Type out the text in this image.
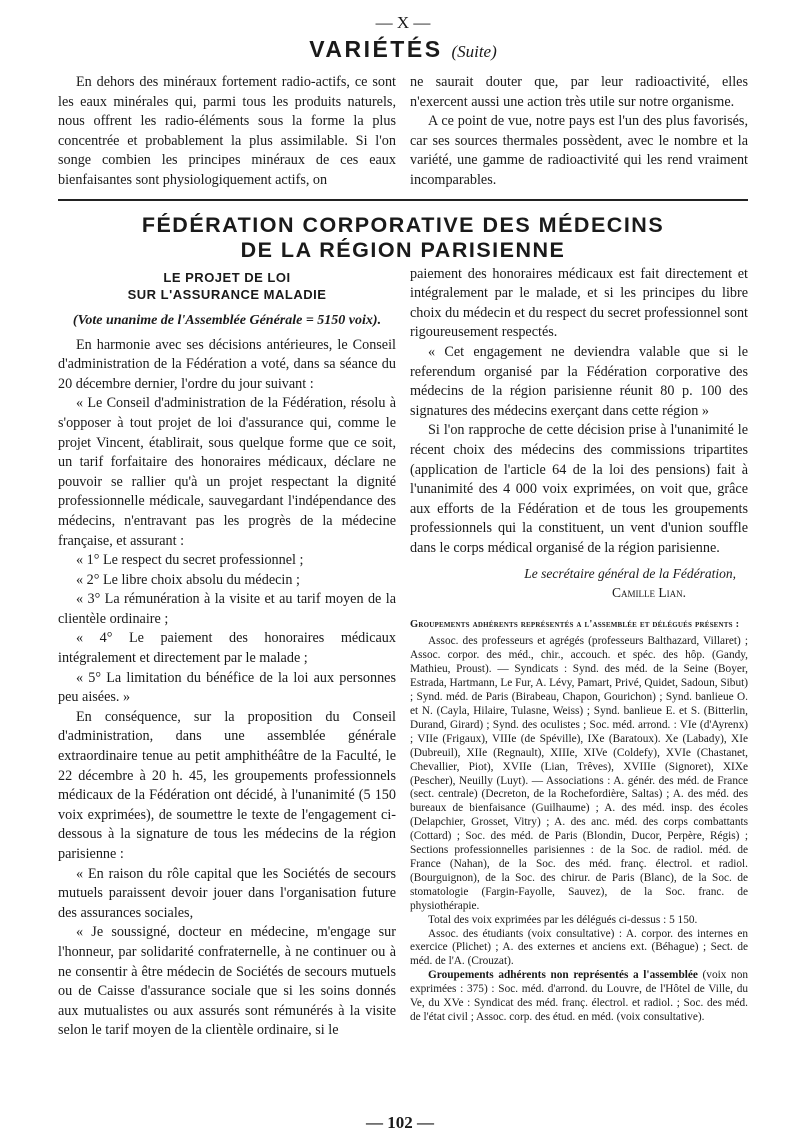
— X —
VARIÉTÉS (Suite)

En dehors des minéraux fortement radio-actifs, ce sont les eaux minérales qui, parmi tous les produits naturels, nous offrent les radio-éléments sous la forme la plus concentrée et probablement la plus assimilable. Si l'on songe combien les principes minéraux de ces eaux bienfaisantes sont physiologiquement actifs, on

ne saurait douter que, par leur radioactivité, elles n'exercent aussi une action très utile sur notre organisme.

A ce point de vue, notre pays est l'un des plus favorisés, car ses sources thermales possèdent, avec le nombre et la variété, une gamme de radioactivité qui les rend vraiment incomparables.

FÉDÉRATION CORPORATIVE DES MÉDECINS
DE LA RÉGION PARISIENNE
LE PROJET DE LOI
SUR L'ASSURANCE MALADIE
(Vote unanime de l'Assemblée Générale = 5150 voix).

En harmonie avec ses décisions antérieures, le Conseil d'administration de la Fédération a voté, dans sa séance du 20 décembre dernier, l'ordre du jour suivant :

« Le Conseil d'administration de la Fédération, résolu à s'opposer à tout projet de loi d'assurance qui, comme le projet Vincent, établirait, sous quelque forme que ce soit, un tarif forfaitaire des honoraires médicaux, déclare ne pouvoir se rallier qu'à un projet respectant la dignité professionnelle médicale, sauvegardant l'indépendance des médecins, n'entravant pas les progrès de la médecine française, et assurant :

« 1° Le respect du secret professionnel ;

« 2° Le libre choix absolu du médecin ;

« 3° La rémunération à la visite et au tarif moyen de la clientèle ordinaire ;

« 4° Le paiement des honoraires médicaux intégralement et directement par le malade ;

« 5° La limitation du bénéfice de la loi aux personnes peu aisées. »

En conséquence, sur la proposition du Conseil d'administration, dans une assemblée générale extraordinaire tenue au petit amphithéâtre de la Faculté, le 22 décembre à 20 h. 45, les groupements professionnels médicaux de la Fédération ont décidé, à l'unanimité (5 150 voix exprimées), de soumettre le texte de l'engagement ci-dessous à la signature de tous les médecins de la région parisienne :

« En raison du rôle capital que les Sociétés de secours mutuels paraissent devoir jouer dans l'organisation future des assurances sociales,

« Je soussigné, docteur en médecine, m'engage sur l'honneur, par solidarité confraternelle, à ne continuer ou à ne consentir à être médecin de Sociétés de secours mutuels ou de Caisse d'assurance sociale que si les soins donnés aux mutualistes ou aux assurés sont rémunérés à la visite selon le tarif moyen de la clientèle ordinaire, si le

paiement des honoraires médicaux est fait directement et intégralement par le malade, et si les principes du libre choix du médecin et du respect du secret professionnel sont rigoureusement respectés.

« Cet engagement ne deviendra valable que si le referendum organisé par la Fédération corporative des médecins de la région parisienne réunit 80 p. 100 des signatures des médecins exerçant dans cette région »

Si l'on rapproche de cette décision prise à l'unanimité le récent choix des médecins des commissions tripartites (application de l'article 64 de la loi des pensions) fait à l'unanimité des 4 000 voix exprimées, on voit que, grâce aux efforts de la Fédération et de tous les groupements professionnels qui la constituent, un vent d'union souffle dans le corps médical organisé de la région parisienne.

Le secrétaire général de la Fédération,
Camille Lian.
Groupements adhérents représentés a l'assemblée et délégués présents :

Assoc. des professeurs et agrégés (professeurs Balthazard, Villaret) ; Assoc. corpor. des méd., chir., accouch. et spéc. des hôp. (Gandy, Mathieu, Proust). — Syndicats : Synd. des méd. de la Seine (Boyer, Estrada, Hartmann, Le Fur, A. Lévy, Pamart, Privé, Quidet, Sadoun, Sibut) ; Synd. méd. de Paris (Birabeau, Chapon, Gourichon) ; Synd. banlieue O. et N. (Cayla, Hilaire, Tulasne, Weiss) ; Synd. banlieue E. et S. (Bitterlin, Durand, Girard) ; Synd. des oculistes ; Soc. méd. arrond. : VIe (d'Ayrenx) ; VIIe (Frigaux), VIIIe (de Spéville), IXe (Baratoux). Xe (Labady), XIe (Dubreuil), XIIe (Regnault), XIIIe, XIVe (Coldefy), XVIe (Chastanet, Chevallier, Piot), XVIIe (Lian, Trêves), XVIIIe (Signoret), XIXe (Pescher), Neuilly (Luyt). — Associations : A. génér. des méd. de France (sect. centrale) (Decreton, de la Rochefordière, Saltas) ; A. des méd. des bureaux de bienfaisance (Guilhaume) ; A. des méd. insp. des écoles (Delapchier, Grosset, Vitry) ; A. des anc. méd. des corps combattants (Cottard) ; Soc. des méd. de Paris (Blondin, Ducor, Perpère, Régis) ; Sections professionnelles parisiennes : de la Soc. de radiol. méd. de France (Nahan), de la Soc. des méd. franç. électrol. et radiol. (Bourguignon), de la Soc. des chirur. de Paris (Blanc), de la Soc. de stomatologie (Fargin-Fayolle, Sauvez), de la Soc. franc. de physiothérapie.

Total des voix exprimées par les délégués ci-dessus : 5 150.

Assoc. des étudiants (voix consultative) : A. corpor. des internes en exercice (Plichet) ; A. des externes et anciens ext. (Béhague) ; Sect. de méd. de l'A. (Crouzat).

Groupements adhérents non représentés a l'assemblée (voix non exprimées : 375) : Soc. méd. d'arrond. du Louvre, de l'Hôtel de Ville, du Ve, du XVe : Syndicat des méd. franç. électrol. et radiol. ; Soc. des méd. de l'état civil ; Assoc. corp. des étud. en méd. (voix consultative).

— 102 —
